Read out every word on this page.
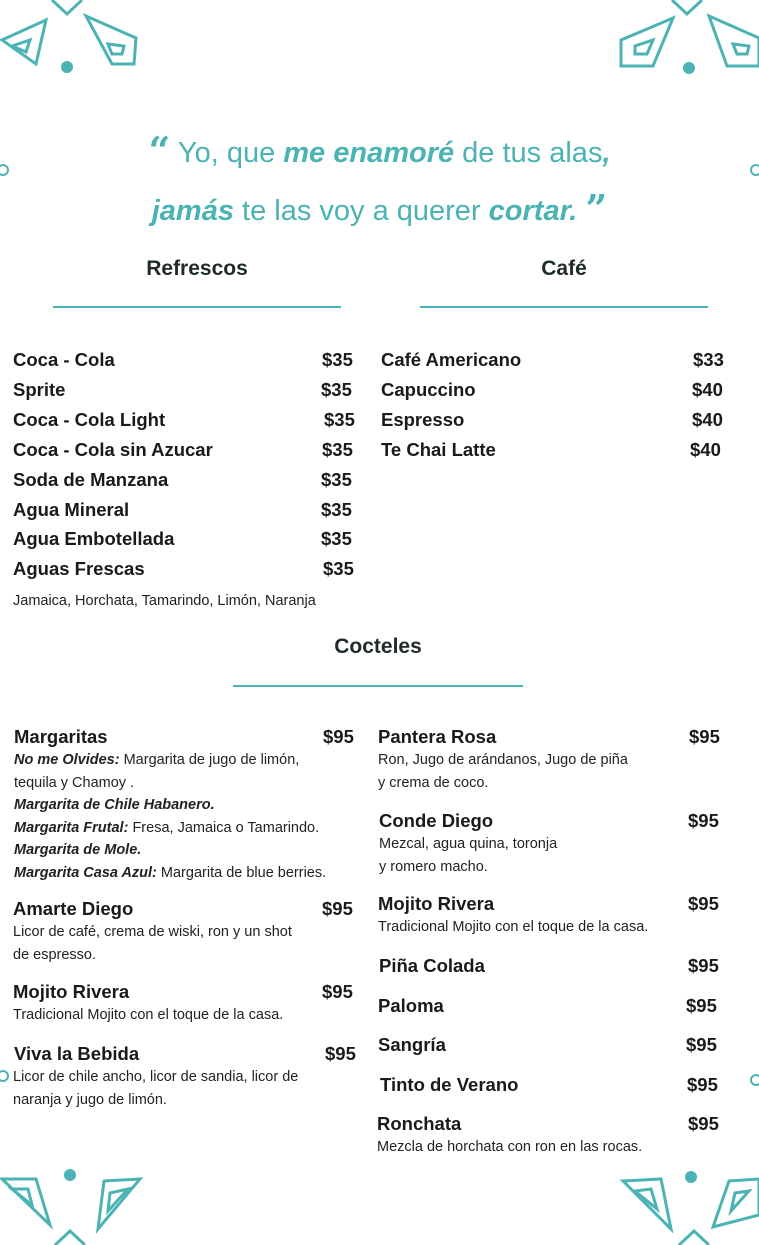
“ Yo, que me enamoré de tus alas,
jamás te las voy a querer cortar. ”
Refrescos	Café
Coca - Cola	$35
Sprite	$35
Coca - Cola Light	$35
Coca - Cola sin Azucar	$35
Soda de Manzana	$35
Agua Mineral	$35
Agua Embotellada	$35
Aguas Frescas	$35
Jamaica, Horchata, Tamarindo, Limón, Naranja
Café Americano	$33
Capuccino	$40
Espresso	$40
Te Chai Latte	$40
Cocteles
Margaritas	$95
No me Olvides: Margarita de jugo de limón,
tequila y Chamoy .
Margarita de Chile Habanero.
Margarita Frutal: Fresa, Jamaica o Tamarindo.
Margarita de Mole.
Margarita Casa Azul: Margarita de blue berries.
Amarte Diego	$95
Licor de café, crema de wiski, ron y un shot
de espresso.
Mojito Rivera	$95
Tradicional Mojito con el toque de la casa.
Viva la Bebida	$95
Licor de chile ancho, licor de sandia, licor de
naranja y jugo de limón.
Pantera Rosa	$95
Ron, Jugo de arándanos, Jugo de piña
y crema de coco.
Conde Diego	$95
Mezcal, agua quina, toronja
y romero macho.
Mojito Rivera	$95
Tradicional Mojito con el toque de la casa.
Piña Colada	$95
Paloma	$95
Sangría	$95
Tinto de Verano	$95
Ronchata	$95
Mezcla de horchata con ron en las rocas.
